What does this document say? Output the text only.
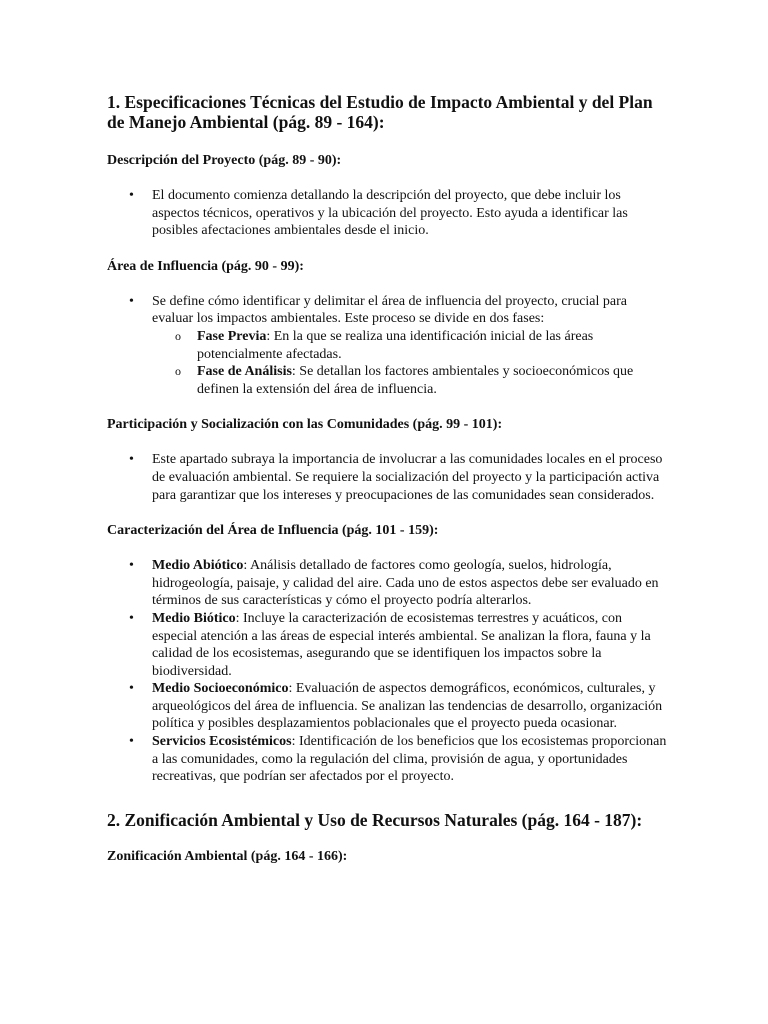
1. Especificaciones Técnicas del Estudio de Impacto Ambiental y del Plan de Manejo Ambiental (pág. 89 - 164):
Descripción del Proyecto (pág. 89 - 90):
• El documento comienza detallando la descripción del proyecto, que debe incluir los aspectos técnicos, operativos y la ubicación del proyecto. Esto ayuda a identificar las posibles afectaciones ambientales desde el inicio.
Área de Influencia (pág. 90 - 99):
• Se define cómo identificar y delimitar el área de influencia del proyecto, crucial para evaluar los impactos ambientales. Este proceso se divide en dos fases:
o Fase Previa: En la que se realiza una identificación inicial de las áreas potencialmente afectadas.
o Fase de Análisis: Se detallan los factores ambientales y socioeconómicos que definen la extensión del área de influencia.
Participación y Socialización con las Comunidades (pág. 99 - 101):
• Este apartado subraya la importancia de involucrar a las comunidades locales en el proceso de evaluación ambiental. Se requiere la socialización del proyecto y la participación activa para garantizar que los intereses y preocupaciones de las comunidades sean considerados.
Caracterización del Área de Influencia (pág. 101 - 159):
• Medio Abiótico: Análisis detallado de factores como geología, suelos, hidrología, hidrogeología, paisaje, y calidad del aire. Cada uno de estos aspectos debe ser evaluado en términos de sus características y cómo el proyecto podría alterarlos.
• Medio Biótico: Incluye la caracterización de ecosistemas terrestres y acuáticos, con especial atención a las áreas de especial interés ambiental. Se analizan la flora, fauna y la calidad de los ecosistemas, asegurando que se identifiquen los impactos sobre la biodiversidad.
• Medio Socioeconómico: Evaluación de aspectos demográficos, económicos, culturales, y arqueológicos del área de influencia. Se analizan las tendencias de desarrollo, organización política y posibles desplazamientos poblacionales que el proyecto pueda ocasionar.
• Servicios Ecosistémicos: Identificación de los beneficios que los ecosistemas proporcionan a las comunidades, como la regulación del clima, provisión de agua, y oportunidades recreativas, que podrían ser afectados por el proyecto.
2. Zonificación Ambiental y Uso de Recursos Naturales (pág. 164 - 187):
Zonificación Ambiental (pág. 164 - 166):
